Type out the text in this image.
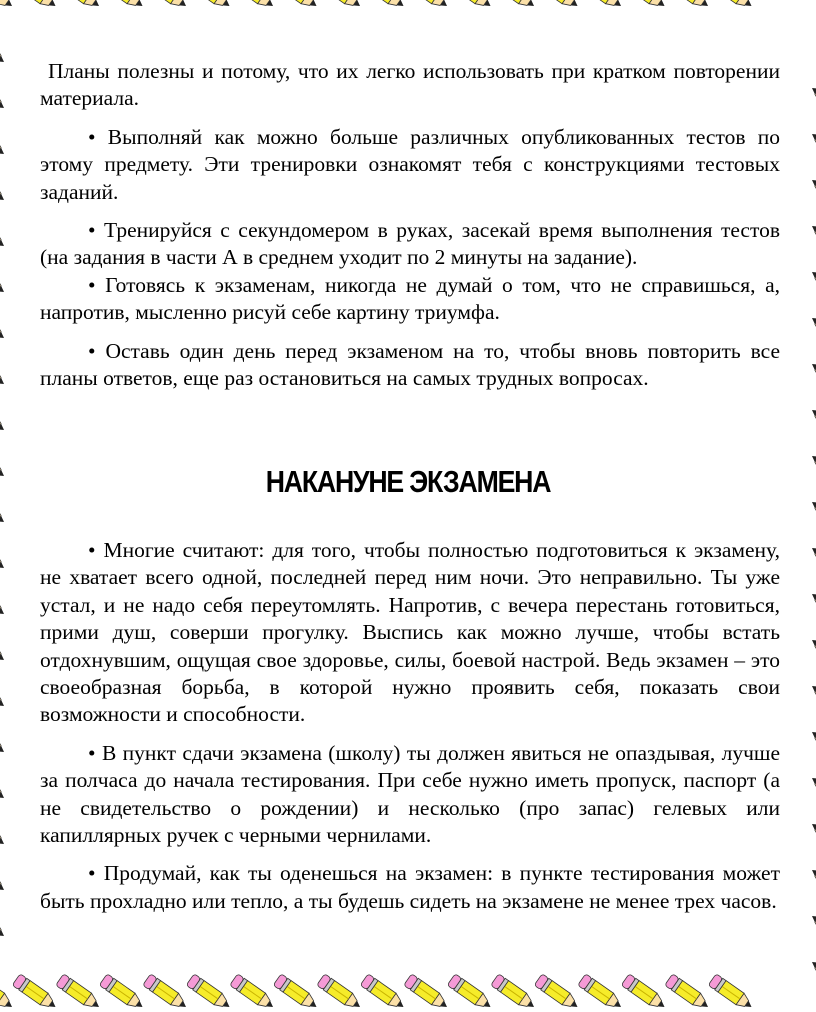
Планы полезны и потому, что их легко использовать при кратком повторении материала.

• Выполняй как можно больше различных опубликованных тестов по этому предмету. Эти тренировки ознакомят тебя с конструкциями тестовых заданий.

• Тренируйся с секундомером в руках, засекай время выполнения тестов (на задания в части А в среднем уходит по 2 минуты на задание).

• Готовясь к экзаменам, никогда не думай о том, что не справишься, а, напротив, мысленно рисуй себе картину триумфа.

• Оставь один день перед экзаменом на то, чтобы вновь повторить все планы ответов, еще раз остановиться на самых трудных вопросах.

НАКАНУНЕ ЭКЗАМЕНА

• Многие считают: для того, чтобы полностью подготовиться к экзамену, не хватает всего одной, последней перед ним ночи. Это неправильно. Ты уже устал, и не надо себя переутомлять. Напротив, с вечера перестань готовиться, прими душ, соверши прогулку. Выспись как можно лучше, чтобы встать отдохнувшим, ощущая свое здоровье, силы, боевой настрой. Ведь экзамен – это своеобразная борьба, в которой нужно проявить себя, показать свои возможности и способности.

• В пункт сдачи экзамена (школу) ты должен явиться не опаздывая, лучше за полчаса до начала тестирования. При себе нужно иметь пропуск, паспорт (а не свидетельство о рождении) и несколько (про запас) гелевых или капиллярных ручек с черными чернилами.

• Продумай, как ты оденешься на экзамен: в пункте тестирования может быть прохладно или тепло, а ты будешь сидеть на экзамене не менее трех часов.
